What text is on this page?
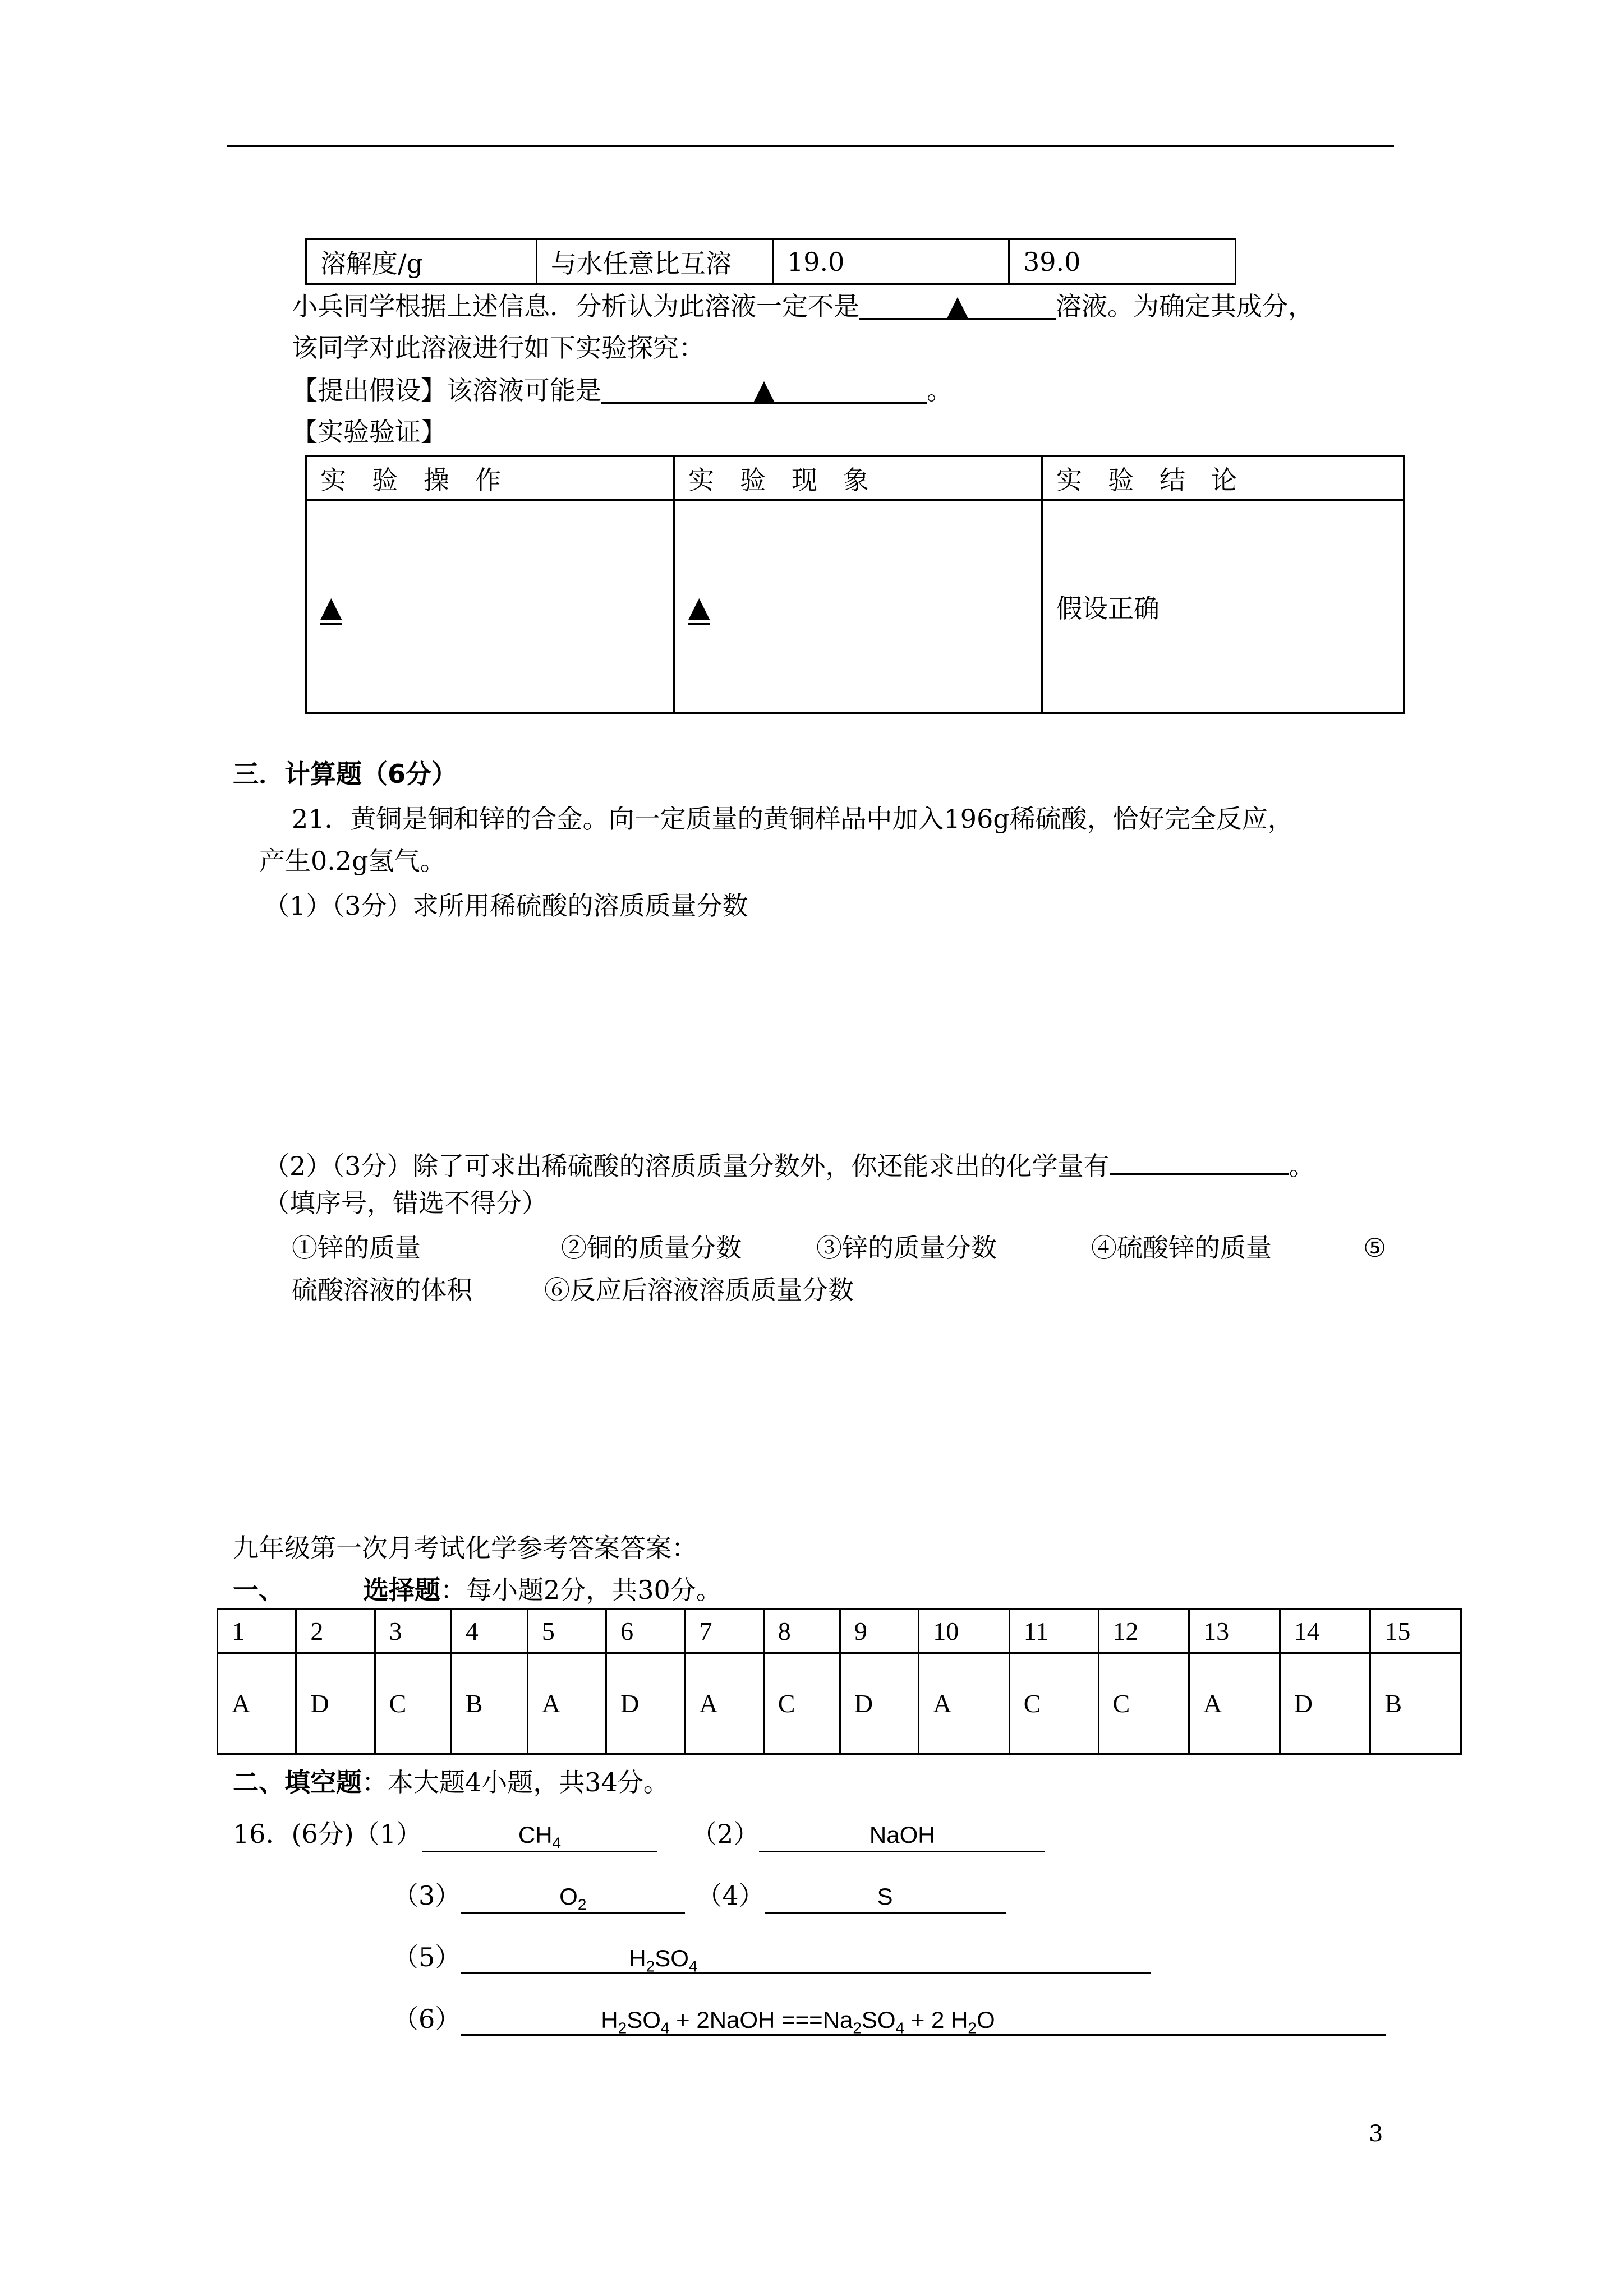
溶解度/g	与水任意比互溶	19.0	39.0
小兵同学根据上述信息．分析认为此溶液一定不是	▲	溶液。为确定其成分，
该同学对此溶液进行如下实验探究：
【提出假设】该溶液可能是	▲	。
【实验验证】
实　验　操　作	实　验　现　象	实　验　结　论
▲	▲	假设正确
三．计算题（6分）
21．黄铜是铜和锌的合金。向一定质量的黄铜样品中加入196g稀硫酸，恰好完全反应，
产生0.2g氢气。
（1）（3分）求所用稀硫酸的溶质质量分数
（2）（3分）除了可求出稀硫酸的溶质质量分数外，你还能求出的化学量有	。
（填序号，错选不得分）
①锌的质量	②铜的质量分数	③锌的质量分数	④硫酸锌的质量	⑤
硫酸溶液的体积	⑥反应后溶液溶质质量分数
九年级第一次月考试化学参考答案答案：
一、	选择题：每小题2分，共30分。
1	2	3	4	5	6	7	8	9	10	11	12	13	14	15
A	D	C	B	A	D	A	C	D	A	C	C	A	D	B
二、填空题：本大题4小题，共34分。
16．(6分)（1）	$CH_4$	（2）	NaOH
（3）	$O_2$	（4）	S
（5）	$H_2SO_4$
（6）	$H_2SO_4$ + 2NaOH $===Na_2SO_4 + 2$ $H_2O$
3
